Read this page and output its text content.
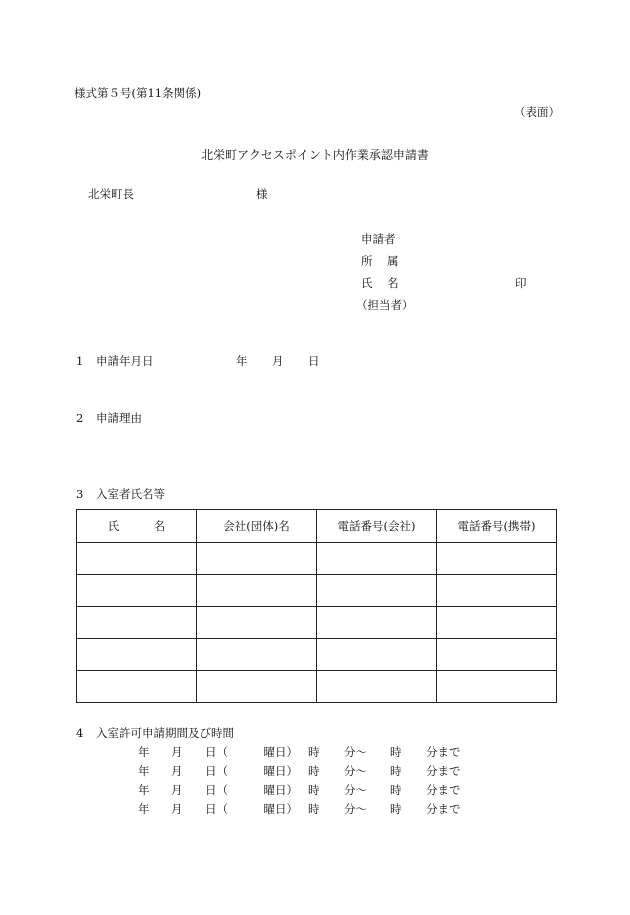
様式第５号(第11条関係)
（表面）
北栄町アクセスポイント内作業承認申請書
北栄町長	様
申請者
所 属
氏 名	印
（担当者）
1 申請年月日	年 月 日
2 申請理由
3 入室者氏名等
氏　　　名	会社(団体)名	電話番号(会社)	電話番号(携帯)

4 入室許可申請期間及び時間
年 月 日（	曜日） 時 分～ 時 分まで
年 月 日（	曜日） 時 分～ 時 分まで
年 月 日（	曜日） 時 分～ 時 分まで
年 月 日（	曜日） 時 分～ 時 分まで
